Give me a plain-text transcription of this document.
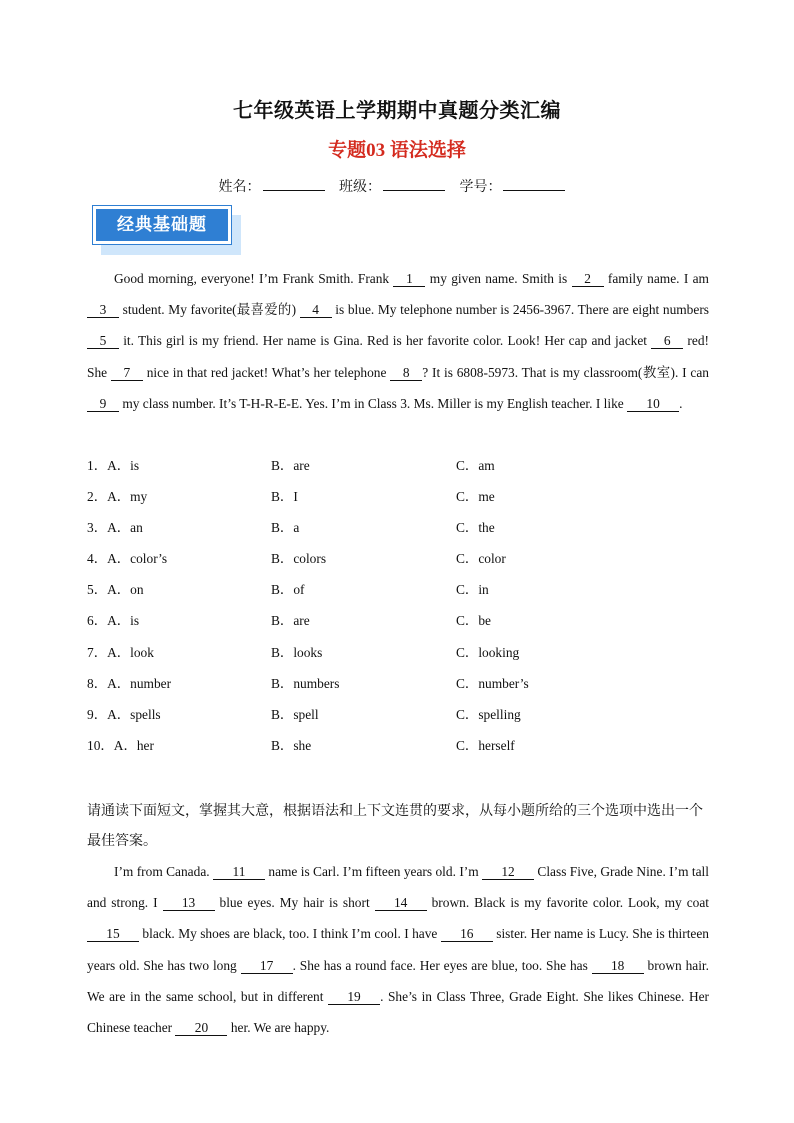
七年级英语上学期期中真题分类汇编
专题03 语法选择
姓名：	班级：	学号：
经典基础题

Good morning, everyone! I’m Frank Smith. Frank 1 my given name. Smith is 2 family name. I am 3 student. My favorite(最喜爱的) 4 is blue. My telephone number is 2456-3967. There are eight numbers 5 it. This girl is my friend. Her name is Gina. Red is her favorite color. Look! Her cap and jacket 6 red! She 7 nice in that red jacket! What’s her telephone 8 ? It is 6808-5973. That is my classroom(教室). I can 9 my class number. It’s T-H-R-E-E. Yes. I’m in Class 3. Ms. Miller is my English teacher. I like 10 .

1．A．is	B．are	C．am
2．A．my	B．I	C．me
3．A．an	B．a	C．the
4．A．color’s	B．colors	C．color
5．A．on	B．of	C．in
6．A．is	B．are	C．be
7．A．look	B．looks	C．looking
8．A．number	B．numbers	C．number’s
9．A．spells	B．spell	C．spelling
10．A．her	B．she	C．herself
请通读下面短文，掌握其大意，根据语法和上下文连贯的要求，从每小题所给的三个选项中选出一个最佳答案。

I’m from Canada. 11 name is Carl. I’m fifteen years old. I’m 12 Class Five, Grade Nine. I’m tall and strong. I 13 blue eyes. My hair is short 14 brown. Black is my favorite color. Look, my coat 15 black. My shoes are black, too. I think I’m cool. I have 16 sister. Her name is Lucy. She is thirteen years old. She has two long 17 . She has a round face. Her eyes are blue, too. She has 18 brown hair. We are in the same school, but in different 19 . She’s in Class Three, Grade Eight. She likes Chinese. Her Chinese teacher 20 her. We are happy.
